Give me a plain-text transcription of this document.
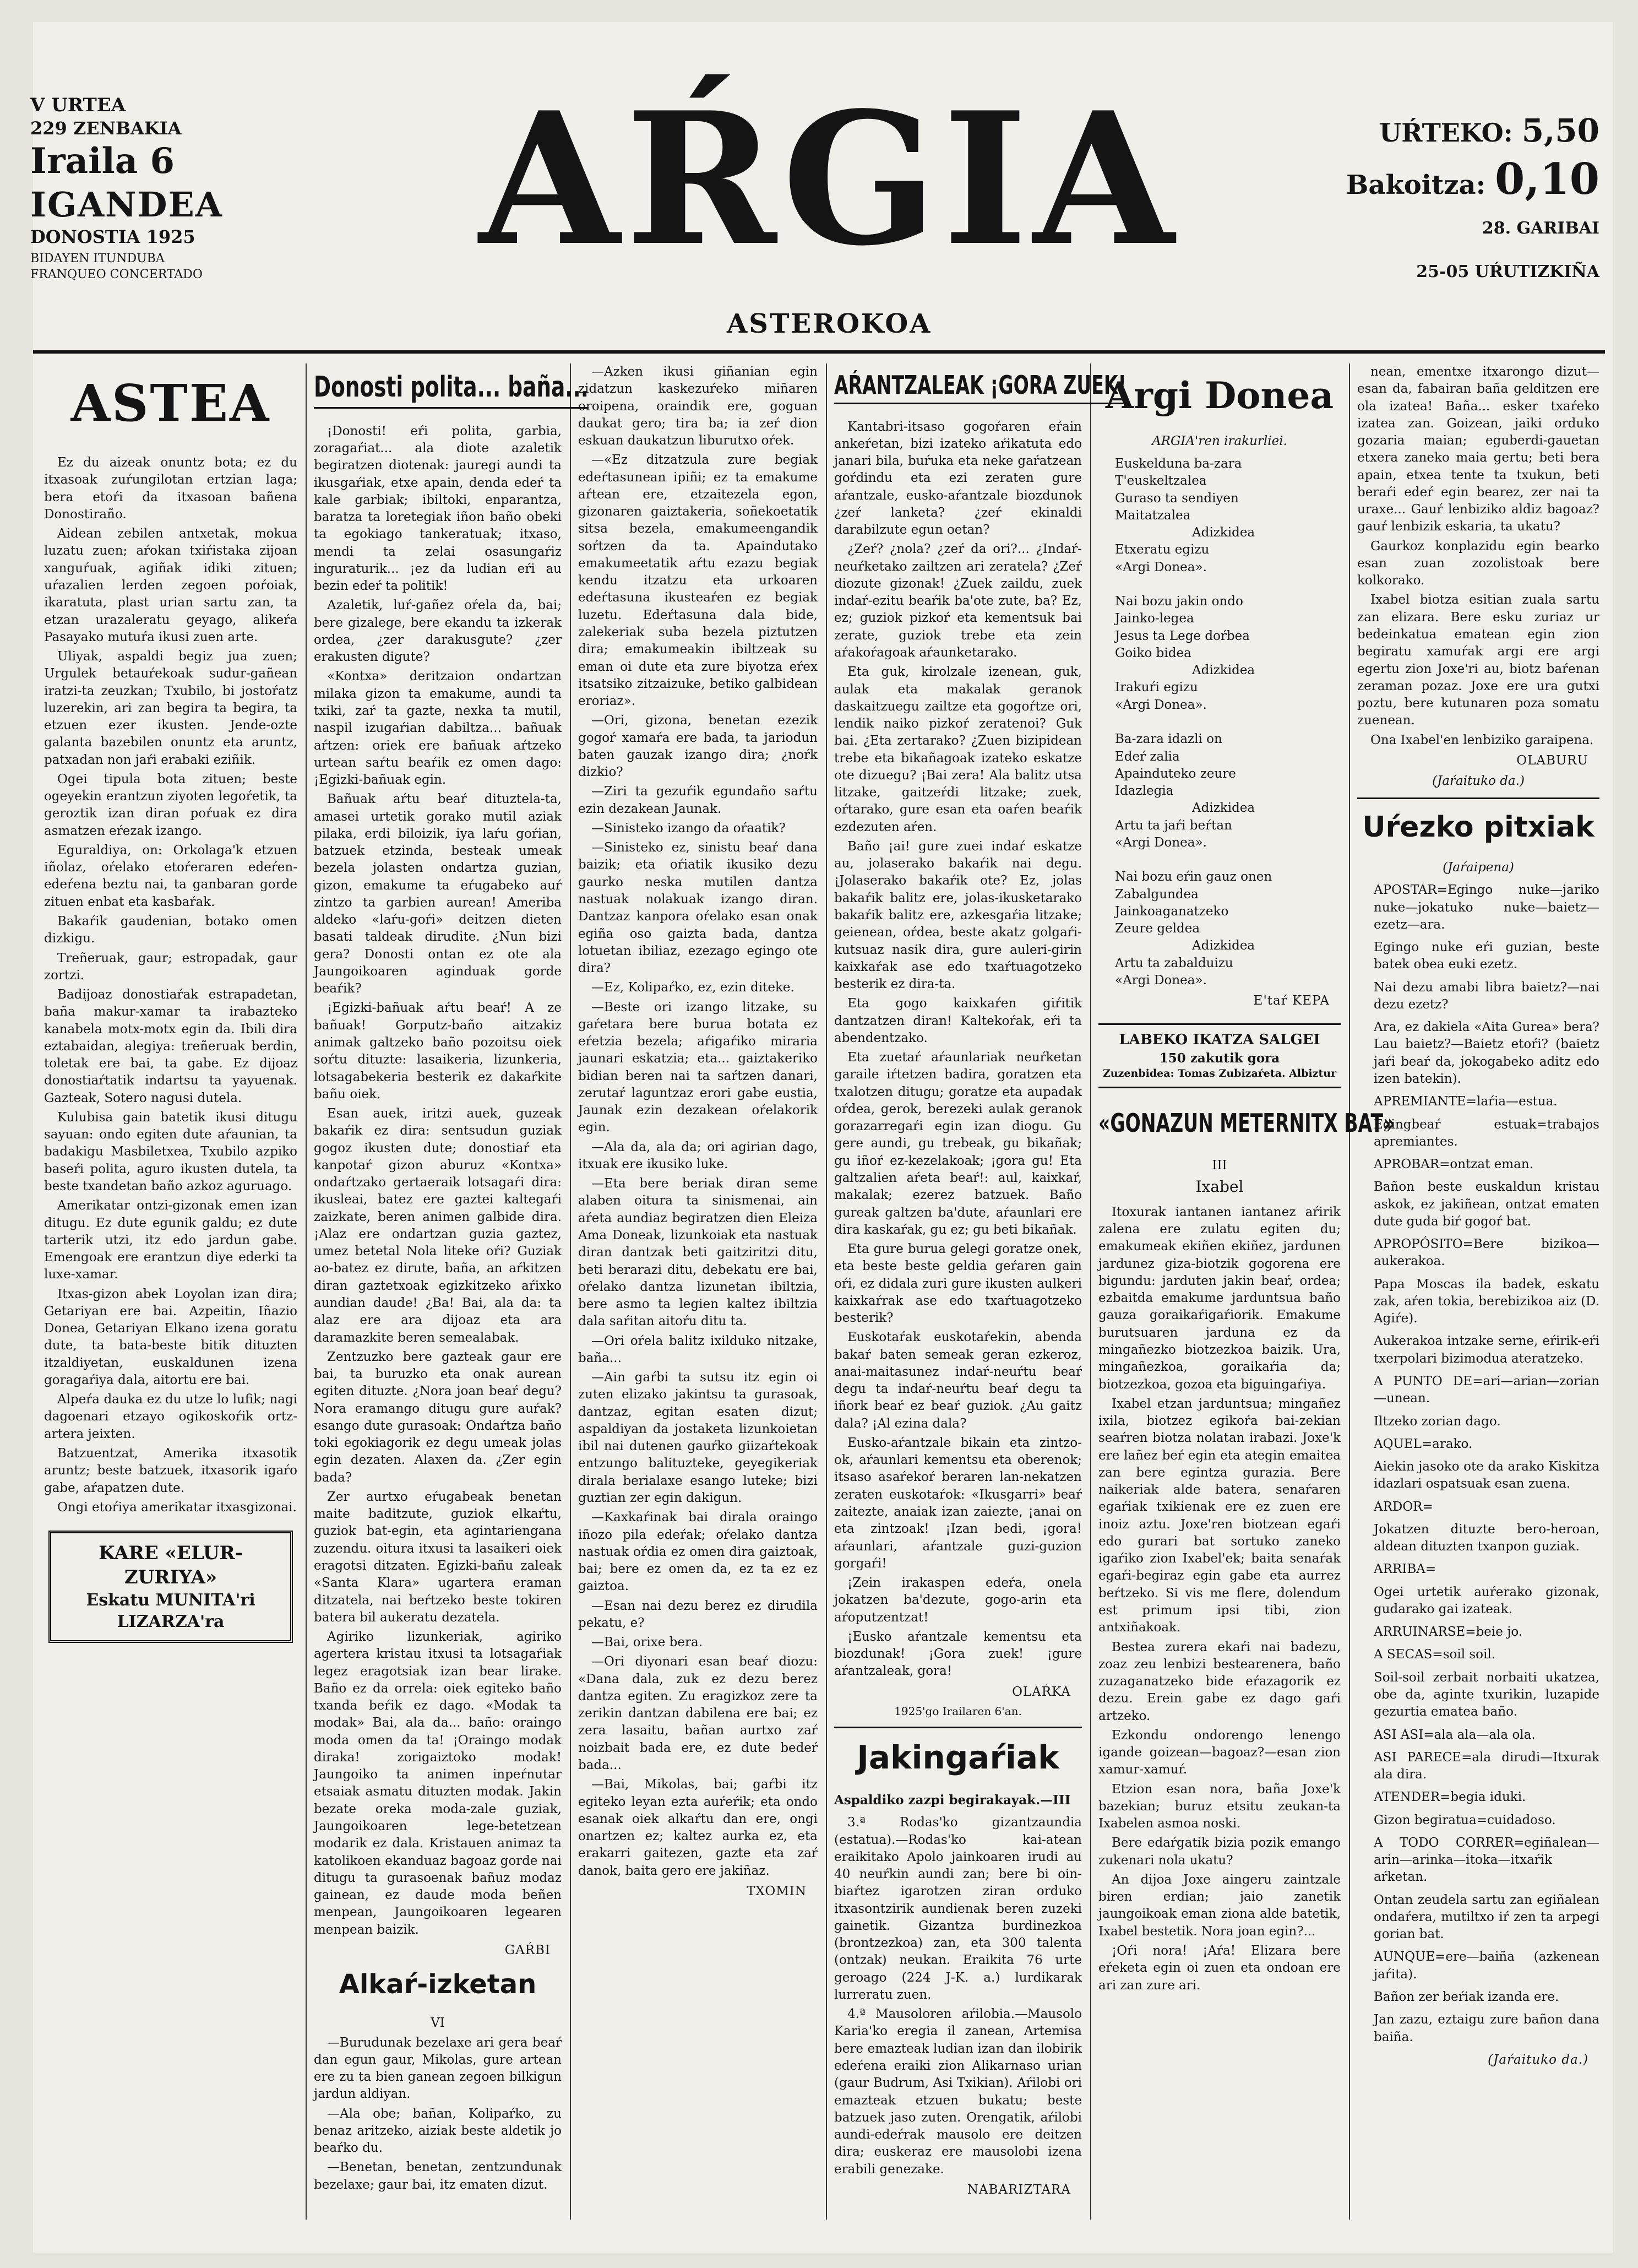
V URTEA
229 ZENBAKIA
Iraila 6
IGANDEA
DONOSTIA 1925
BIDAYEN ITUNDUBA FRANQUEO CONCERTADO AŔGIA
ASTEROKOA
UŔTEKO: 5,50
Bakoitza: 0,10
28. GARIBAI
25-05 UŔUTIZKIÑA
ASTEA

Ez du aizeak onuntz bota; ez du itxasoak zuŕungilotan ertzian laga; bera etoŕi da itxasoan bañena Donostiraño.

Aidean zebilen antxetak, mokua luzatu zuen; aŕokan txiŕistaka zijoan xanguŕuak, agiñak idiki zituen; uŕazalien lerden zegoen poŕoiak, ikaratuta, plast urian sartu zan, ta etzan urazaleratu geyago, alikeŕa Pasayako mutuŕa ikusi zuen arte.

Uliyak, aspaldi begiz jua zuen; Urgulek betauŕekoak sudur-gañean iratzi-ta zeuzkan; Txubilo, bi jostoŕatz luzerekin, ari zan begira ta begira, ta etzuen ezer ikusten. Jende-ozte galanta bazebilen onuntz eta aruntz, patxadan non jaŕi erabaki eziñik.

Ogei tipula bota zituen; beste ogeyekin erantzun ziyoten legoŕetik, ta geroztik izan diran poŕuak ez dira asmatzen eŕezak izango.

Eguraldiya, on: Orkolaga'k etzuen iñolaz, oŕelako etoŕeraren edeŕen-edeŕena beztu nai, ta ganbaran gorde zituen enbat eta kasbaŕak.

Bakaŕik gaudenian, botako omen dizkigu.

Treñeruak, gaur; estropadak, gaur zortzi.

Badijoaz donostiaŕak estrapadetan, baña makur-xamar ta irabazteko kanabela motx-motx egin da. Ibili dira eztabaidan, alegiya: treñeruak berdin, toletak ere bai, ta gabe. Ez dijoaz donostiaŕtatik indartsu ta yayuenak. Gazteak, Sotero nagusi dutela.

Kulubisa gain batetik ikusi ditugu sayuan: ondo egiten dute aŕaunian, ta badakigu Masbiletxea, Txubilo azpiko baseŕi polita, aguro ikusten dutela, ta beste txandetan baño azkoz aguruago.

Amerikatar ontzi-gizonak emen izan ditugu. Ez dute egunik galdu; ez dute tarterik utzi, itz edo jardun gabe. Emengoak ere erantzun diye ederki ta luxe-xamar.

Itxas-gizon abek Loyolan izan dira; Getariyan ere bai. Azpeitin, Iñazio Donea, Getariyan Elkano izena goratu dute, ta bata-beste bitik dituzten itzaldiyetan, euskaldunen izena goragaŕiya dala, aitortu ere bai.

Alpeŕa dauka ez du utze lo lufik; nagi dagoenari etzayo ogikoskoŕik ortz-artera jeixten.

Batzuentzat, Amerika itxasotik aruntz; beste batzuek, itxasorik igaŕo gabe, aŕapatzen dute.

Ongi etoŕiya amerikatar itxasgizonai.

KARE «ELUR-ZURIYA»
Eskatu MUNITA'ri
LIZARZA'ra
Donosti polita... baña...

¡Donosti! eŕi polita, garbia, zoragaŕiat... ala diote azaletik begiratzen diotenak: jauregi aundi ta ikusgaŕiak, etxe apain, denda edeŕ ta kale garbiak; ibiltoki, enparantza, baratza ta loretegiak iñon baño obeki ta egokiago tankeratuak; itxaso, mendi ta zelai osasungaŕiz inguraturik... ¡ez da ludian eŕi au bezin edeŕ ta politik!

Azaletik, luŕ-gañez oŕela da, bai; bere gizalege, bere ekandu ta izkerak ordea, ¿zer darakusgute? ¿zer erakusten digute?

«Kontxa» deritzaion ondartzan milaka gizon ta emakume, aundi ta txiki, zaŕ ta gazte, nexka ta mutil, naspil izugaŕian dabiltza... bañuak aŕtzen: oriek ere bañuak aŕtzeko urtean saŕtu beaŕik ez omen dago: ¡Egizki-bañuak egin.

Bañuak aŕtu beaŕ dituztela-ta, amasei urtetik gorako mutil aziak pilaka, erdi biloizik, iya laŕu goŕian, batzuek etzinda, besteak umeak bezela jolasten ondartza guzian, gizon, emakume ta eŕugabeko auŕ zintzo ta garbien aurean! Ameriba aldeko «laŕu-goŕi» deitzen dieten basati taldeak dirudite. ¿Nun bizi gera? Donosti ontan ez ote ala Jaungoikoaren aginduak gorde beaŕik?

¡Egizki-bañuak aŕtu beaŕ! A ze bañuak! Gorputz-baño aitzakiz animak galtzeko baño pozoitsu oiek soŕtu dituzte: lasaikeria, lizunkeria, lotsagabekeria besterik ez dakaŕkite bañu oiek.

Esan auek, iritzi auek, guzeak bakaŕik ez dira: sentsudun guziak gogoz ikusten dute; donostiaŕ eta kanpotaŕ gizon aburuz «Kontxa» ondaŕtzako gertaeraik lotsagaŕi dira: ikusleai, batez ere gaztei kaltegaŕi zaizkate, beren animen galbide dira. ¡Alaz ere ondartzan guzia gaztez, umez betetal Nola liteke oŕi? Guziak ao-batez ez dirute, baña, an aŕkitzen diran gaztetxoak egizkitzeko aŕixko aundian daude! ¿Ba! Bai, ala da: ta alaz ere ara dijoaz eta ara daramazkite beren semealabak.

Zentzuzko bere gazteak gaur ere bai, ta buruzko eta onak aurean egiten dituzte. ¿Nora joan beaŕ degu? Nora eramango ditugu gure auŕak? esango dute gurasoak: Ondaŕtza baño toki egokiagorik ez degu umeak jolas egin dezaten. Alaxen da. ¿Zer egin bada?

Zer aurtxo eŕugabeak benetan maite baditzute, guziok elkaŕtu, guziok bat-egin, eta agintariengana zuzendu. oitura itxusi ta lasaikeri oiek eragotsi ditzaten. Egizki-bañu zaleak «Santa Klara» ugartera eraman ditzatela, nai beŕtzeko beste tokiren batera bil aukeratu dezatela.

Agiriko lizunkeriak, agiriko agertera kristau itxusi ta lotsagaŕiak legez eragotsiak izan bear lirake. Baño ez da orrela: oiek egiteko baño txanda beŕik ez dago. «Modak ta modak» Bai, ala da... baño: oraingo moda omen da ta! ¡Oraingo modak diraka! zorigaiztoko modak! Jaungoiko ta animen inpeŕnutar etsaiak asmatu dituzten modak. Jakin bezate oreka moda-zale guziak, Jaungoikoaren lege-betetzean modarik ez dala. Kristauen animaz ta katolikoen ekanduaz bagoaz gorde nai ditugu ta gurasoenak bañuz modaz gainean, ez daude moda beñen menpean, Jaungoikoaren legearen menpean baizik.

GAŔBI
Alkaŕ-izketan
VI

—Burudunak bezelaxe ari gera beaŕ dan egun gaur, Mikolas, gure artean ere zu ta bien ganean zegoen bilkigun jardun aldiyan.

—Ala obe; bañan, Kolipaŕko, zu benaz aritzeko, aiziak beste aldetik jo beaŕko du.

—Benetan, benetan, zentzundunak bezelaxe; gaur bai, itz ematen dizut.

—Azken ikusi giñanian egin zidatzun kaskezuŕeko miñaren oroipena, oraindik ere, goguan daukat gero; tira ba; ia zeŕ dion eskuan daukatzun liburutxo oŕek.

—«Ez ditzatzula zure begiak edeŕtasunean ipiñi; ez ta emakume aŕtean ere, etzaitezela egon, gizonaren gaiztakeria, soñekoetatik sitsa bezela, emakumeengandik soŕtzen da ta. Apaindutako emakumeetatik aŕtu ezazu begiak kendu itzatzu eta urkoaren edeŕtasuna ikusteaŕen ez begiak luzetu. Edeŕtasuna dala bide, zalekeriak suba bezela piztutzen dira; emakumeakin ibiltzeak su eman oi dute eta zure biyotza eŕex itsatsiko zitzaizuke, betiko galbidean eroriaz».

—Ori, gizona, benetan ezezik gogoŕ xamaŕa ere bada, ta jariodun baten gauzak izango dira; ¿noŕk dizkio?

—Ziri ta gezuŕik egundaño saŕtu ezin dezakean Jaunak.

—Sinisteko izango da oŕaatik?

—Sinisteko ez, sinistu beaŕ dana baizik; eta oŕiatik ikusiko dezu gaurko neska mutilen dantza nastuak nolakuak izango diran. Dantzaz kanpora oŕelako esan onak egiña oso gaizta bada, dantza lotuetan ibiliaz, ezezago egingo ote dira?

—Ez, Kolipaŕko, ez, ezin diteke.

—Beste ori izango litzake, su gaŕetara bere burua botata ez eŕetzia bezela; aŕigaŕiko miraria jaunari eskatzia; eta... gaiztakeriko bidian beren nai ta saŕtzen danari, zerutaŕ laguntzaz erori gabe eustia, Jaunak ezin dezakean oŕelakorik egin.

—Ala da, ala da; ori agirian dago, itxuak ere ikusiko luke.

—Eta bere beriak diran seme alaben oitura ta sinismenai, ain aŕeta aundiaz begiratzen dien Eleiza Ama Doneak, lizunkoiak eta nastuak diran dantzak beti gaitziritzi ditu, beti berarazi ditu, debekatu ere bai, oŕelako dantza lizunetan ibiltzia, bere asmo ta legien kaltez ibiltzia dala saŕitan aitoŕu ditu ta.

—Ori oŕela balitz ixilduko nitzake, baña...

—Ain gaŕbi ta sutsu itz egin oi zuten elizako jakintsu ta gurasoak, dantzaz, egitan esaten dizut; aspaldiyan da jostaketa lizunkoietan ibil nai dutenen gauŕko giizaŕtekoak entzungo balituzteke, geyegikeriak dirala berialaxe esango luteke; bizi guztian zer egin dakigun.

—Kaxkaŕinak bai dirala oraingo iñozo pila edeŕak; oŕelako dantza nastuak oŕdia ez omen dira gaiztoak, bai; bere ez omen da, ez ta ez ez gaiztoa.

—Esan nai dezu berez ez dirudila pekatu, e?

—Bai, orixe bera.

—Ori diyonari esan beaŕ diozu: «Dana dala, zuk ez dezu berez dantza egiten. Zu eragizkoz zere ta zerikin dantzan dabilena ere bai; ez zera lasaitu, bañan aurtxo zaŕ noizbait bada ere, ez dute bedeŕ bada...

—Bai, Mikolas, bai; gaŕbi itz egiteko leyan ezta auŕeŕik; eta ondo esanak oiek alkaŕtu dan ere, ongi onartzen ez; kaltez aurka ez, eta erakarri gaitezen, gazte eta zaŕ danok, baita gero ere jakiñaz.

TXOMIN
AŔANTZALEAK ¡GORA ZUEK!

Kantabri-itsaso gogoŕaren eŕain ankeŕetan, bizi izateko aŕikatuta edo janari bila, buŕuka eta neke gaŕatzean goŕdindu eta ezi zeraten gure aŕantzale, eusko-aŕantzale biozdunok ¿zeŕ lanketa? ¿zeŕ ekinaldi darabilzute egun oetan?

¿Zeŕ? ¿nola? ¿zeŕ da ori?... ¿Indaŕ-neuŕketako zailtzen ari zeratela? ¿Zeŕ diozute gizonak! ¿Zuek zaildu, zuek indaŕ-ezitu beaŕik ba'ote zute, ba? Ez, ez; guziok pizkoŕ eta kementsuk bai zerate, guziok trebe eta zein aŕakoŕagoak aŕaunketarako.

Eta guk, kirolzale izenean, guk, aulak eta makalak geranok daskaitzuegu zailtze eta gogoŕtze ori, lendik naiko pizkoŕ zeratenoi? Guk bai. ¿Eta zertarako? ¿Zuen bizipidean trebe eta bikañagoak izateko eskatze ote dizuegu? ¡Bai zera! Ala balitz utsa litzake, gaitzeŕdi litzake; zuek, oŕtarako, gure esan eta oaŕen beaŕik ezdezuten aŕen.

Baño ¡ai! gure zuei indaŕ eskatze au, jolaserako bakaŕik nai degu. ¡Jolaserako bakaŕik ote? Ez, jolas bakaŕik balitz ere, jolas-ikusketarako bakaŕik balitz ere, azkesgaŕia litzake; geienean, oŕdea, beste akatz golgaŕi-kutsuaz nasik dira, gure auleri-girin kaixkaŕak ase edo txaŕtuagotzeko besterik ez dira-ta.

Eta gogo kaixkaŕen giŕitik dantzatzen diran! Kaltekoŕak, eŕi ta abendentzako.

Eta zuetaŕ aŕaunlariak neuŕketan garaile iŕtetzen badira, goratzen eta txalotzen ditugu; goratze eta aupadak oŕdea, gerok, berezeki aulak geranok gorazarregaŕi egin izan diogu. Gu gere aundi, gu trebeak, gu bikañak; gu iñoŕ ez-kezelakoak; ¡gora gu! Eta galtzalien aŕeta beaŕ!: aul, kaixkaŕ, makalak; ezerez batzuek. Baño gureak galtzen ba'dute, aŕaunlari ere dira kaskaŕak, gu ez; gu beti bikañak.

Eta gure burua gelegi goratze onek, eta beste beste geldia geŕaren gain oŕi, ez didala zuri gure ikusten aulkeri kaixkaŕrak ase edo txaŕtuagotzeko besterik?

Euskotaŕak euskotaŕekin, abenda bakaŕ baten semeak geran ezkeroz, anai-maitasunez indaŕ-neuŕtu beaŕ degu ta indaŕ-neuŕtu beaŕ degu ta iñork beaŕ ez beaŕ guziok. ¿Au gaitz dala? ¡Al ezina dala?

Eusko-aŕantzale bikain eta zintzo-ok, aŕaunlari kementsu eta oberenok; itsaso asaŕekoŕ beraren lan-nekatzen zeraten euskotaŕok: «Ikusgarri» beaŕ zaitezte, anaiak izan zaiezte, ¡anai on eta zintzoak! ¡Izan bedi, ¡gora! aŕaunlari, aŕantzale guzi-guzion gorgaŕi!

¡Zein irakaspen edeŕa, onela jokatzen ba'dezute, gogo-arin eta aŕoputzentzat!

¡Eusko aŕantzale kementsu eta biozdunak! ¡Gora zuek! ¡gure aŕantzaleak, gora!

OLAŔKA
1925'go Irailaren 6'an.
Jakingaŕiak
Aspaldiko zazpi begirakayak.—III

3.ª Rodas'ko gizantzaundia (estatua).—Rodas'ko kai-atean eraikitako Apolo jainkoaren irudi au 40 neuŕkin aundi zan; bere bi oin-biaŕtez igarotzen ziran orduko itxasontzirik aundienak beren zuzeki gainetik. Gizantza burdinezkoa (brontzezkoa) zan, eta 300 talenta (ontzak) neukan. Eraikita 76 urte geroago (224 J-K. a.) lurdikarak lurreratu zuen.

4.ª Mausoloren aŕilobia.—Mausolo Karia'ko eregia il zanean, Artemisa bere emazteak ludian izan dan ilobirik edeŕena eraiki zion Alikarnaso urian (gaur Budrum, Asi Txikian). Aŕilobi ori emazteak etzuen bukatu; beste batzuek jaso zuten. Orengatik, aŕilobi aundi-edeŕrak mausolo ere deitzen dira; euskeraz ere mausolobi izena erabili genezake.

NABARIZTARA
Argi Donea
ARGIA'ren irakurliei.

Euskelduna ba-zara

T'euskeltzalea

Guraso ta sendiyen

Maitatzalea

Adizkidea

Etxeratu egizu

«Argi Donea».

Nai bozu jakin ondo

Jainko-legea

Jesus ta Lege doŕbea

Goiko bidea

Adizkidea

Irakuŕi egizu

«Argi Donea».

Ba-zara idazli on

Edeŕ zalia

Apainduteko zeure

Idazlegia

Adizkidea

Artu ta jaŕi beŕtan

«Argi Donea».

Nai bozu eŕin gauz onen

Zabalgundea

Jainkoaganatzeko

Zeure geldea

Adizkidea

Artu ta zabalduizu

«Argi Donea».

E'taŕ KEPA
LABEKO IKATZA SALGEI
150 zakutik gora
Zuzenbidea: Tomas Zubizaŕeta. Albiztur
«GONAZUN METERNITX BAT»
III
Ixabel

Itoxurak iantanen iantanez aŕirik zalena ere zulatu egiten du; emakumeak ekiñen ekiñez, jardunen jardunez giza-biotzik gogorena ere bigundu: jarduten jakin beaŕ, ordea; ezbaitda emakume jarduntsua baño gauza goraikaŕigaŕiorik. Emakume burutsuaren jarduna ez da mingañezko biotzezkoa baizik. Ura, mingañezkoa, goraikaŕia da; biotzezkoa, gozoa eta biguingaŕiya.

Ixabel etzan jarduntsua; mingañez ixila, biotzez egikoŕa bai-zekian seaŕren biotza nolatan irabazi. Joxe'k ere lañez beŕ egin eta ategin emaitea zan bere egintza gurazia. Bere naikeriak alde batera, senaŕaren egaŕiak txikienak ere ez zuen ere inoiz aztu. Joxe'ren biotzean egaŕi edo gurari bat sortuko zaneko igaŕiko zion Ixabel'ek; baita senaŕak egaŕi-begiraz egin gabe eta aurrez beŕtzeko. Si vis me flere, dolendum est primum ipsi tibi, zion antxiñakoak.

Bestea zurera ekaŕi nai badezu, zoaz zeu lenbizi bestearenera, baño zuzaganatzeko bide eŕazagorik ez dezu. Erein gabe ez dago gaŕi artzeko.

Ezkondu ondorengo lenengo igande goizean—bagoaz?—esan zion xamur-xamuŕ.

Etzion esan nora, baña Joxe'k bazekian; buruz etsitu zeukan-ta Ixabelen asmoa noski.

Bere edaŕgatik bizia pozik emango zukenari nola ukatu?

An dijoa Joxe aingeru zaintzale biren erdian; jaio zanetik jaungoikoak eman ziona alde batetik, Ixabel bestetik. Nora joan egin?...

¡Oŕi nora! ¡Aŕa! Elizara bere eŕeketa egin oi zuen eta ondoan ere ari zan zure ari.

nean, ementxe itxarongo dizut—esan da, fabairan baña gelditzen ere ola izatea! Baña... esker txaŕeko izatea zan. Goizean, jaiki orduko gozaria maian; eguberdi-gauetan etxera zaneko maia gertu; beti bera apain, etxea tente ta txukun, beti beraŕi edeŕ egin bearez, zer nai ta uraxe... Gauŕ lenbiziko aldiz bagoaz? gauŕ lenbizik eskaria, ta ukatu?

Gaurkoz konplazidu egin bearko esan zuan zozolistoak bere kolkorako.

Ixabel biotza esitian zuala sartu zan elizara. Bere esku zuriaz ur bedeinkatua ematean egin zion begiratu xamuŕak argi ere argi egertu zion Joxe'ri au, biotz baŕenan zeraman pozaz. Joxe ere ura gutxi poztu, bere kutunaren poza somatu zuenean.

Ona Ixabel'en lenbiziko garaipena.

OLABURU
(Jaŕaituko da.)
Uŕezko pitxiak
(Jaŕaipena)

APOSTAR=Egingo nuke—jariko nuke—jokatuko nuke—baietz—ezetz—ara.

Egingo nuke eŕi guzian, beste batek obea euki ezetz.

Nai dezu amabi libra baietz?—nai dezu ezetz?

Ara, ez dakiela «Aita Gurea» bera? Lau baietz?—Baietz etoŕi? (baietz jaŕi beaŕ da, jokogabeko aditz edo izen batekin).

APREMIANTE=laŕia—estua.

Egingbeaŕ estuak=trabajos apremiantes.

APROBAR=ontzat eman.

Bañon beste euskaldun kristau askok, ez jakiñean, ontzat ematen dute guda biŕ gogoŕ bat.

APROPÓSITO=Bere bizikoa—aukerakoa.

Papa Moscas ila badek, eskatu zak, aŕen tokia, berebizikoa aiz (D. Agiŕe).

Aukerakoa intzake serne, eŕirik-eŕi txerpolari bizimodua ateratzeko.

A PUNTO DE=ari—arian—zorian —unean.

Iltzeko zorian dago.

AQUEL=arako.

Aiekin jasoko ote da arako Kiskitza idazlari ospatsuak esan zuena.

ARDOR=

Jokatzen dituzte bero-heroan, aldean dituzten txanpon guziak.

ARRIBA=

Ogei urtetik auŕerako gizonak, gudarako gai izateak.

ARRUINARSE=beie jo.

A SECAS=soil soil.

Soil-soil zerbait norbaiti ukatzea, obe da, aginte txurikin, luzapide gezurtia ematea baño.

ASI ASI=ala ala—ala ola.

ASI PARECE=ala dirudi—Itxurak ala dira.

ATENDER=begia iduki.

Gizon begiratua=cuidadoso.

A TODO CORRER=egiñalean—arin—arinka—itoka—itxaŕik aŕketan.

Ontan zeudela sartu zan egiñalean ondaŕera, mutiltxo iŕ zen ta arpegi gorian bat.

AUNQUE=ere—baiña (azkenean jaŕita).

Bañon zer beŕiak izanda ere.

Jan zazu, eztaigu zure bañon dana baiña.

(Jaŕaituko da.)
